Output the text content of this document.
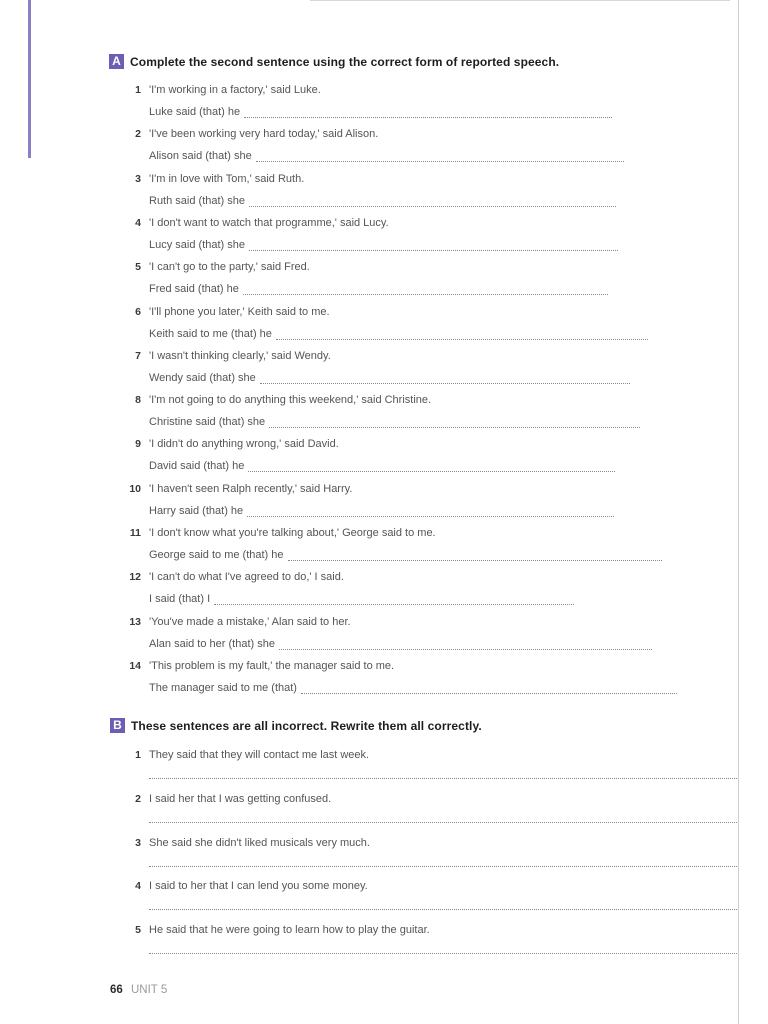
A Complete the second sentence using the correct form of reported speech.
1 'I'm working in a factory,' said Luke.
Luke said (that) he
2 'I've been working very hard today,' said Alison.
Alison said (that) she
3 'I'm in love with Tom,' said Ruth.
Ruth said (that) she
4 'I don't want to watch that programme,' said Lucy.
Lucy said (that) she
5 'I can't go to the party,' said Fred.
Fred said (that) he
6 'I'll phone you later,' Keith said to me.
Keith said to me (that) he
7 'I wasn't thinking clearly,' said Wendy.
Wendy said (that) she
8 'I'm not going to do anything this weekend,' said Christine.
Christine said (that) she
9 'I didn't do anything wrong,' said David.
David said (that) he
10 'I haven't seen Ralph recently,' said Harry.
Harry said (that) he
11 'I don't know what you're talking about,' George said to me.
George said to me (that) he
12 'I can't do what I've agreed to do,' I said.
I said (that) I
13 'You've made a mistake,' Alan said to her.
Alan said to her (that) she
14 'This problem is my fault,' the manager said to me.
The manager said to me (that)
B These sentences are all incorrect. Rewrite them all correctly.
1 They said that they will contact me last week.
2 I said her that I was getting confused.
3 She said she didn't liked musicals very much.
4 I said to her that I can lend you some money.
5 He said that he were going to learn how to play the guitar.
66 UNIT 5
